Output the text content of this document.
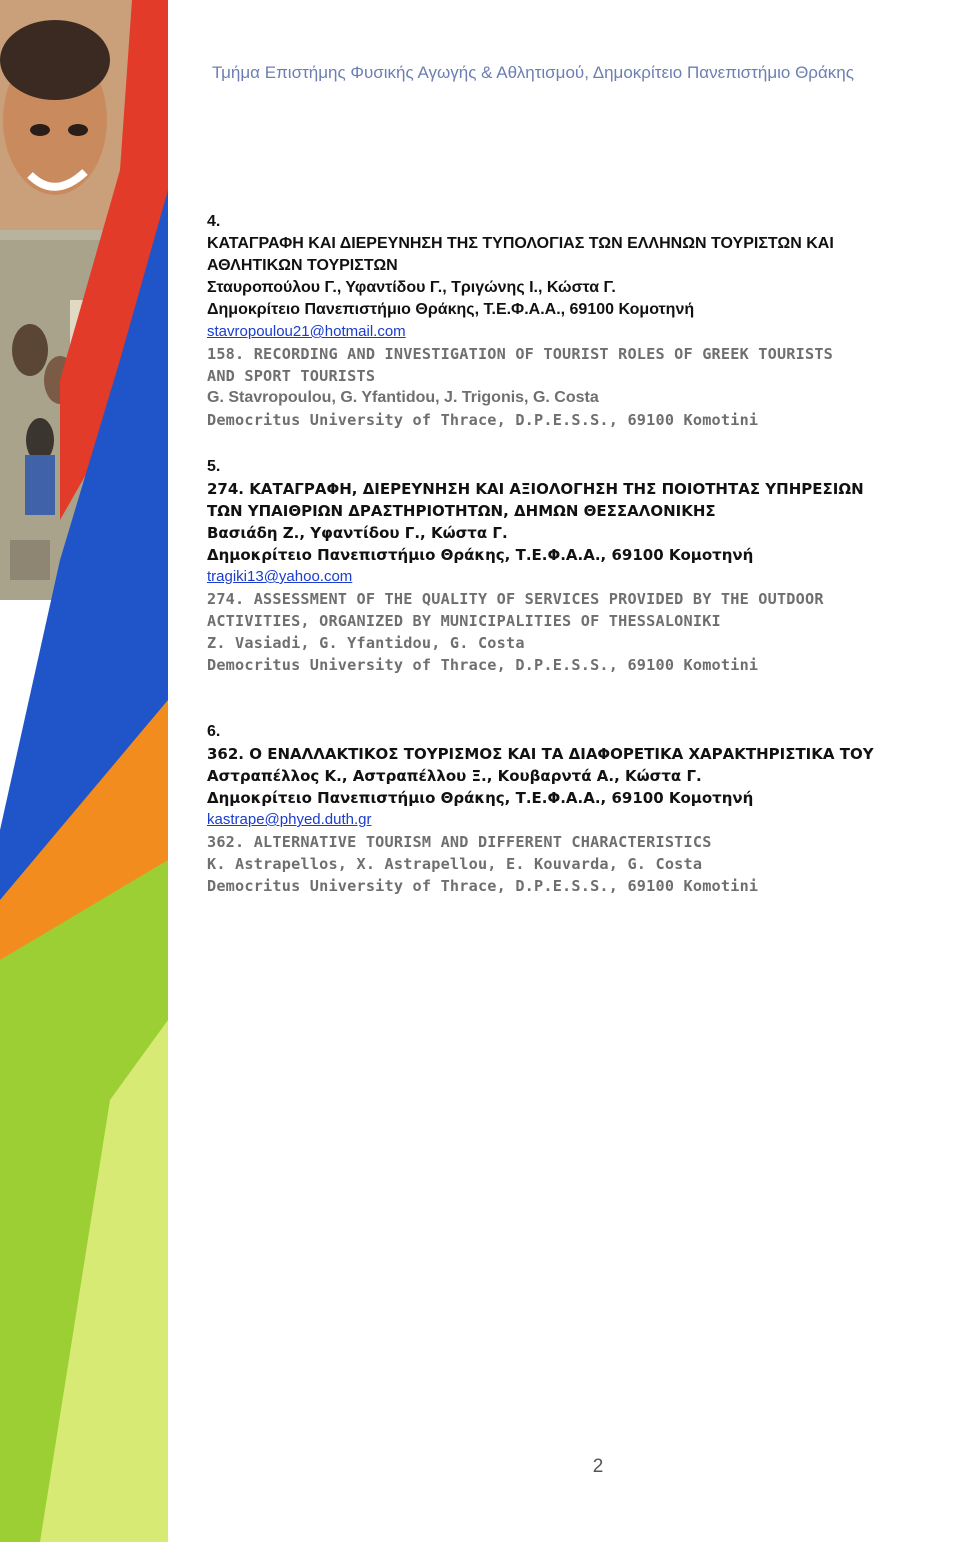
Τμήμα Επιστήμης Φυσικής Αγωγής & Αθλητισμού, Δημοκρίτειο Πανεπιστήμιο Θράκης
4.
ΚΑΤΑΓΡΑΦΗ ΚΑΙ ΔΙΕΡΕΥΝΗΣΗ ΤΗΣ ΤΥΠΟΛΟΓΙΑΣ ΤΩΝ ΕΛΛΗΝΩΝ ΤΟΥΡΙΣΤΩΝ ΚΑΙ
ΑΘΛΗΤΙΚΩΝ ΤΟΥΡΙΣΤΩΝ
Σταυροπούλου Γ., Υφαντίδου Γ., Τριγώνης Ι., Κώστα Γ.
Δημοκρίτειο Πανεπιστήμιο Θράκης, Τ.Ε.Φ.Α.Α., 69100 Κομοτηνή
stavropoulou21@hotmail.com
158. RECORDING AND INVESTIGATION OF TOURIST ROLES OF GREEK TOURISTS
AND SPORT TOURISTS
G. Stavropoulou, G. Yfantidou, J. Trigonis, G. Costa
Democritus University of Thrace, D.P.E.S.S., 69100 Komotini
5.
274. ΚΑΤΑΓΡΑΦΗ, ΔΙΕΡΕΥΝΗΣΗ ΚΑΙ ΑΞΙΟΛΟΓΗΣΗ ΤΗΣ ΠΟΙΟΤΗΤΑΣ ΥΠΗΡΕΣΙΩΝ
ΤΩΝ ΥΠΑΙΘΡΙΩΝ ΔΡΑΣΤΗΡΙΟΤΗΤΩΝ, ΔΗΜΩΝ ΘΕΣΣΑΛΟΝΙΚΗΣ
Βασιάδη Ζ., Υφαντίδου Γ., Κώστα Γ.
Δημοκρίτειο Πανεπιστήμιο Θράκης, Τ.Ε.Φ.Α.Α., 69100 Κομοτηνή
tragiki13@yahoo.com
274. ASSESSMENT OF THE QUALITY OF SERVICES PROVIDED BY THE OUTDOOR
ACTIVITIES, ORGANIZED BY MUNICIPALITIES OF THESSALONIKI
Z. Vasiadi, G. Yfantidou, G. Costa
Democritus University of Thrace, D.P.E.S.S., 69100 Komotini
6.
362. Ο ΕΝΑΛΛΑΚΤΙΚΟΣ ΤΟΥΡΙΣΜΟΣ ΚΑΙ ΤΑ ΔΙΑΦΟΡΕΤΙΚΑ ΧΑΡΑΚΤΗΡΙΣΤΙΚΑ ΤΟΥ
Αστραπέλλος Κ., Αστραπέλλου Ξ., Κουβαρντά Α., Κώστα Γ.
Δημοκρίτειο Πανεπιστήμιο Θράκης, Τ.Ε.Φ.Α.Α., 69100 Κομοτηνή
kastrape@phyed.duth.gr
362. ALTERNATIVE TOURISM AND DIFFERENT CHARACTERISTICS
K. Astrapellos, X. Astrapellou, E. Kouvarda, G. Costa
Democritus University of Thrace, D.P.E.S.S., 69100 Komotini
2
